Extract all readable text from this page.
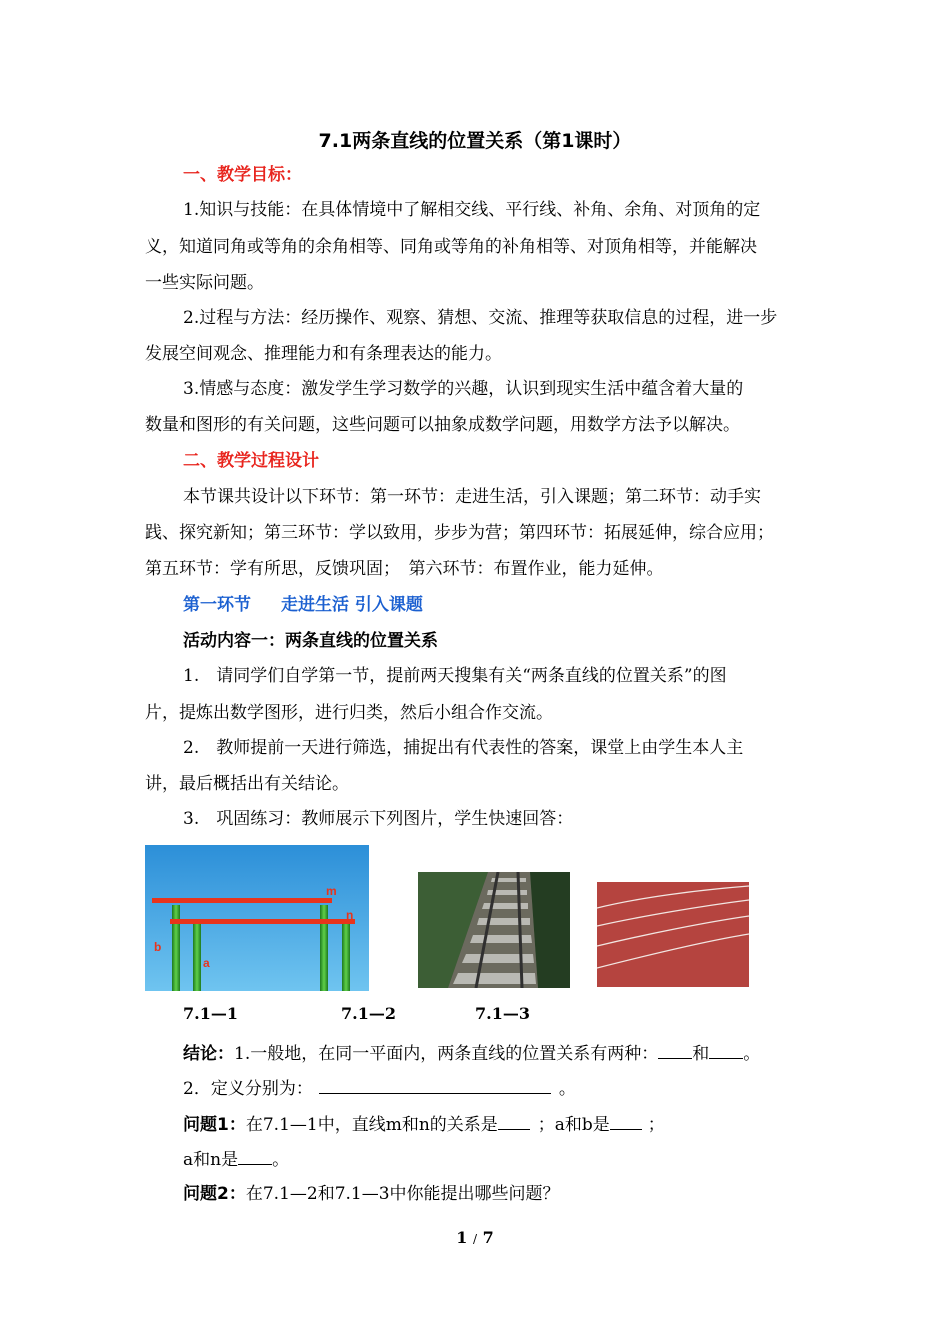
7.1两条直线的位置关系（第1课时）
一、教学目标：
1.知识与技能：在具体情境中了解相交线、平行线、补角、余角、对顶角的定
义，知道同角或等角的余角相等、同角或等角的补角相等、对顶角相等，并能解决
一些实际问题。
2.过程与方法：经历操作、观察、猜想、交流、推理等获取信息的过程，进一步
发展空间观念、推理能力和有条理表达的能力。
3.情感与态度：激发学生学习数学的兴趣，认识到现实生活中蕴含着大量的
数量和图形的有关问题，这些问题可以抽象成数学问题，用数学方法予以解决。
二、教学过程设计
本节课共设计以下环节：第一环节：走进生活，引入课题；第二环节：动手实
践、探究新知；第三环节：学以致用，步步为营；第四环节：拓展延伸，综合应用；
第五环节：学有所思，反馈巩固；　第六环节：布置作业，能力延伸。
第一环节 走进生活 引入课题
活动内容一：两条直线的位置关系
1.　请同学们自学第一节，提前两天搜集有关“两条直线的位置关系”的图
片，提炼出数学图形，进行归类，然后小组合作交流。
2.　教师提前一天进行筛选，捕捉出有代表性的答案，课堂上由学生本人主
讲，最后概括出有关结论。
3.　巩固练习：教师展示下列图片，学生快速回答：
m
n
b
a
7.1—1	7.1—2	7.1—3
结论：1.一般地，在同一平面内，两条直线的位置关系有两种： 和 。
2．定义分别为：	。
问题1：在7.1—1中，直线m和n的关系是 ；a和b是 ；
a和n是 。
问题2：在7.1—2和7.1—3中你能提出哪些问题？
1 / 7
